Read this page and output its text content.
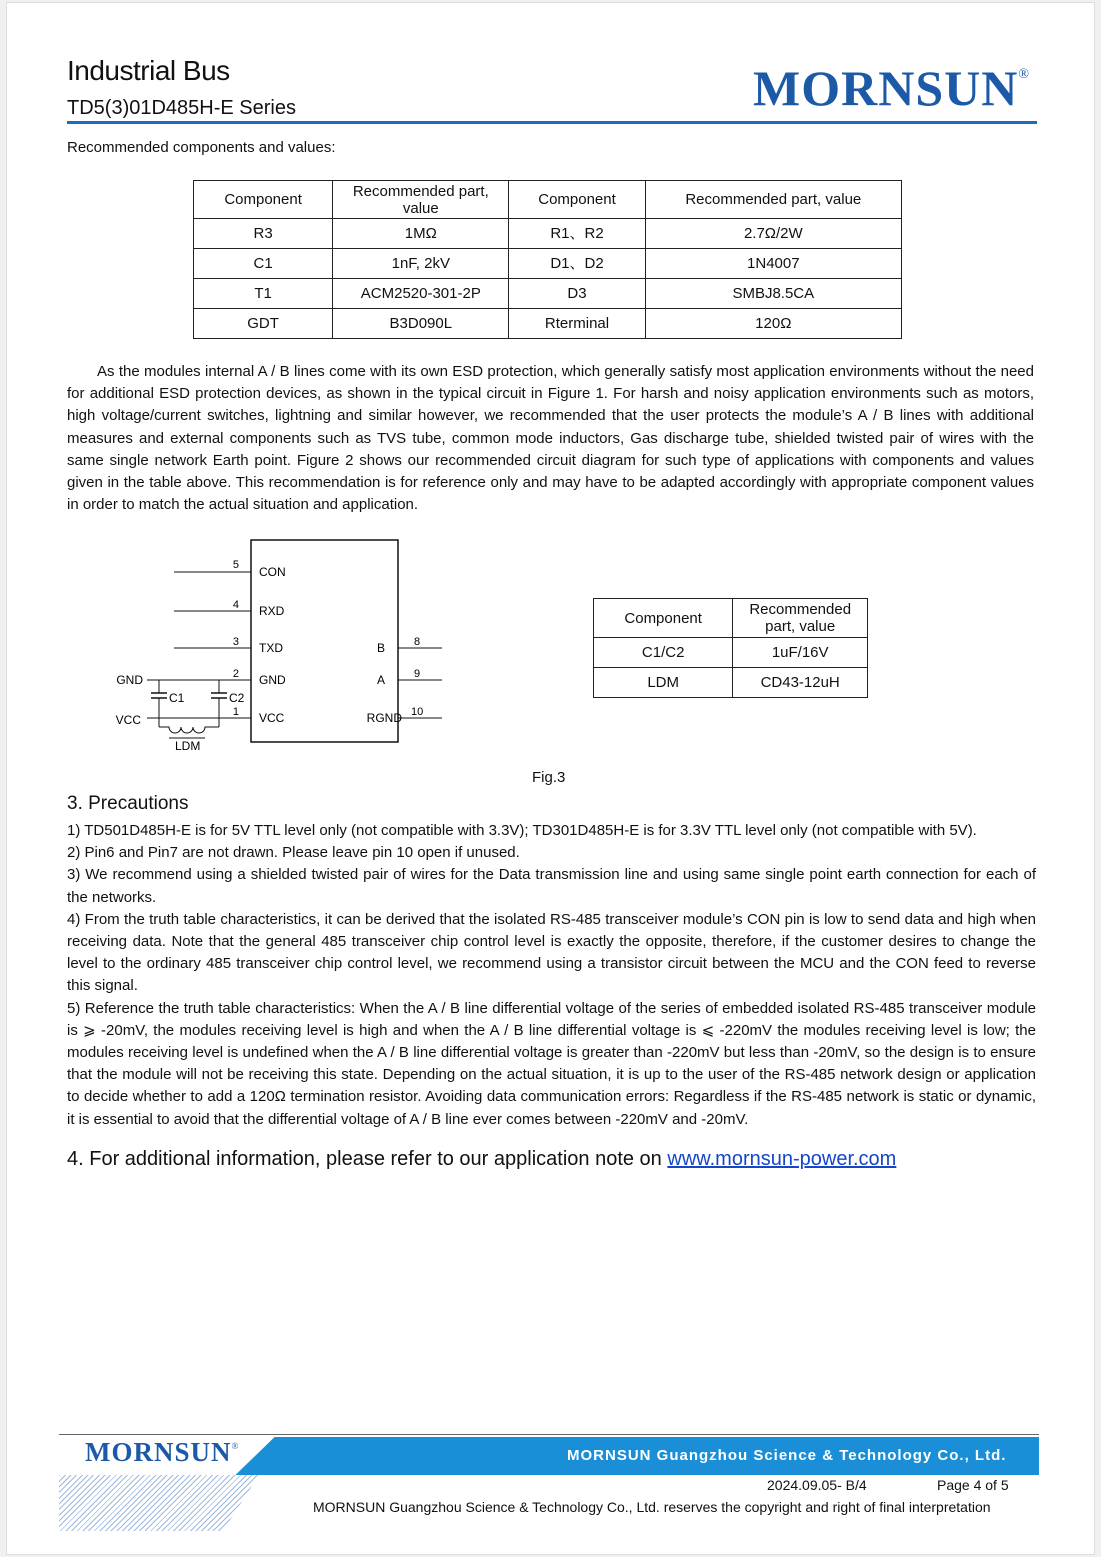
Industrial Bus
TD5(3)01D485H-E Series	MORNSUN®
Recommended components and values:
Component	Recommended part, value	Component	Recommended part, value
R3	1MΩ	R1、R2	2.7Ω/2W
C1	1nF, 2kV	D1、D2	1N4007
T1	ACM2520-301-2P	D3	SMBJ8.5CA
GDT	B3D090L	Rterminal	120Ω
As the modules internal A / B lines come with its own ESD protection, which generally satisfy most application environments without the need for additional ESD protection devices, as shown in the typical circuit in Figure 1. For harsh and noisy application environments such as motors, high voltage/current switches, lightning and similar however, we recommended that the user protects the module’s A / B lines with additional measures and external components such as TVS tube, common mode inductors, Gas discharge tube, shielded twisted pair of wires with the same single network Earth point. Figure 2 shows our recommended circuit diagram for such type of applications with components and values given in the table above. This recommendation is for reference only and may have to be adapted accordingly with appropriate component values in order to match the actual situation and application.
5
4
3
2
1
CON
RXD
TXD
GND
VCC
8
9
10
B
A
RGND
GND
VCC
C1	C2
LDM
Component	Recommended part, value
C1/C2	1uF/16V
LDM	CD43-12uH
Fig.3
3. Precautions

1) TD501D485H-E is for 5V TTL level only (not compatible with 3.3V); TD301D485H-E is for 3.3V TTL level only (not compatible with 5V).

2) Pin6 and Pin7 are not drawn. Please leave pin 10 open if unused.

3) We recommend using a shielded twisted pair of wires for the Data transmission line and using same single point earth connection for each of the networks.

4) From the truth table characteristics, it can be derived that the isolated RS-485 transceiver module’s CON pin is low to send data and high when receiving data. Note that the general 485 transceiver chip control level is exactly the opposite, therefore, if the customer desires to change the level to the ordinary 485 transceiver chip control level, we recommend using a transistor circuit between the MCU and the CON feed to reverse this signal.

5) Reference the truth table characteristics: When the A / B line differential voltage of the series of embedded isolated RS-485 transceiver module is ⩾ -20mV, the modules receiving level is high and when the A / B line differential voltage is ⩽ -220mV the modules receiving level is low; the modules receiving level is undefined when the A / B line differential voltage is greater than -220mV but less than -20mV, so the design is to ensure that the module will not be receiving this state. Depending on the actual situation, it is up to the user of the RS-485 network design or application to decide whether to add a 120Ω termination resistor. Avoiding data communication errors: Regardless if the RS-485 network is static or dynamic, it is essential to avoid that the differential voltage of A / B line ever comes between -220mV and -20mV.

4. For additional information, please refer to our application note on www.mornsun-power.com
MORNSUN®
MORNSUN Guangzhou Science & Technology Co., Ltd.
2024.09.05- B/4	Page 4 of 5
MORNSUN Guangzhou Science & Technology Co., Ltd. reserves the copyright and right of final interpretation
